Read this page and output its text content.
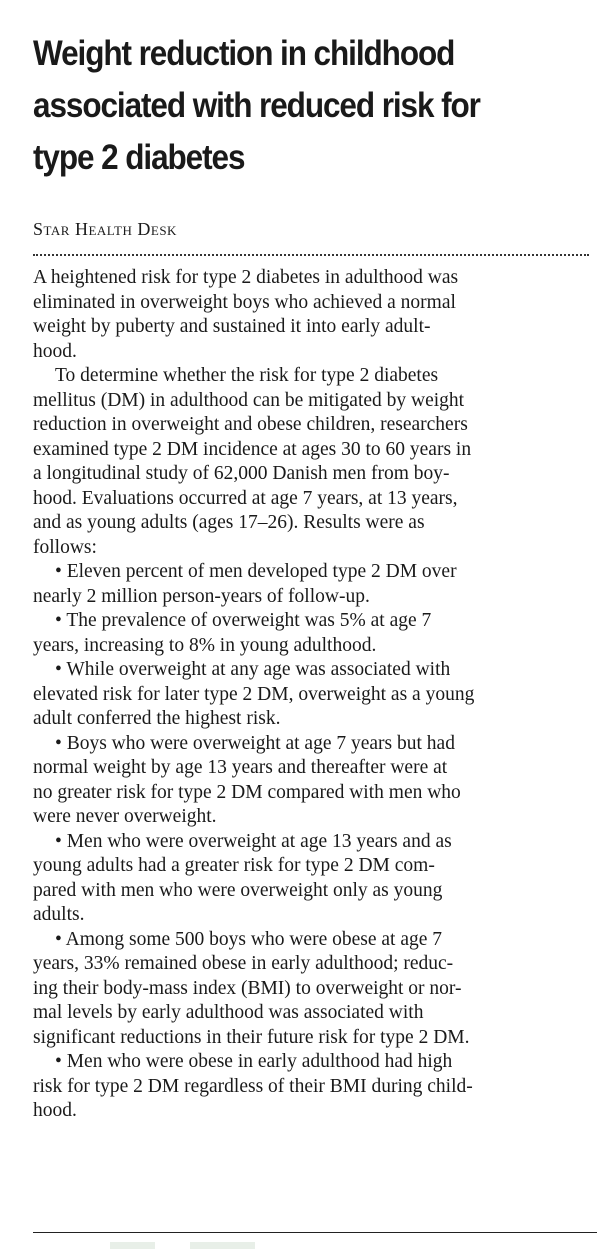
Weight reduction in childhood
associated with reduced risk for
type 2 diabetes
Star Health Desk
A heightened risk for type 2 diabetes in adulthood was
eliminated in overweight boys who achieved a normal
weight by puberty and sustained it into early adult-
hood.
To determine whether the risk for type 2 diabetes
mellitus (DM) in adulthood can be mitigated by weight
reduction in overweight and obese children, researchers
examined type 2 DM incidence at ages 30 to 60 years in
a longitudinal study of 62,000 Danish men from boy-
hood. Evaluations occurred at age 7 years, at 13 years,
and as young adults (ages 17–26). Results were as
follows:
• Eleven percent of men developed type 2 DM over
nearly 2 million person-years of follow-up.
• The prevalence of overweight was 5% at age 7
years, increasing to 8% in young adulthood.
• While overweight at any age was associated with
elevated risk for later type 2 DM, overweight as a young
adult conferred the highest risk.
• Boys who were overweight at age 7 years but had
normal weight by age 13 years and thereafter were at
no greater risk for type 2 DM compared with men who
were never overweight.
• Men who were overweight at age 13 years and as
young adults had a greater risk for type 2 DM com-
pared with men who were overweight only as young
adults.
• Among some 500 boys who were obese at age 7
years, 33% remained obese in early adulthood; reduc-
ing their body-mass index (BMI) to overweight or nor-
mal levels by early adulthood was associated with
significant reductions in their future risk for type 2 DM.
• Men who were obese in early adulthood had high
risk for type 2 DM regardless of their BMI during child-
hood.
